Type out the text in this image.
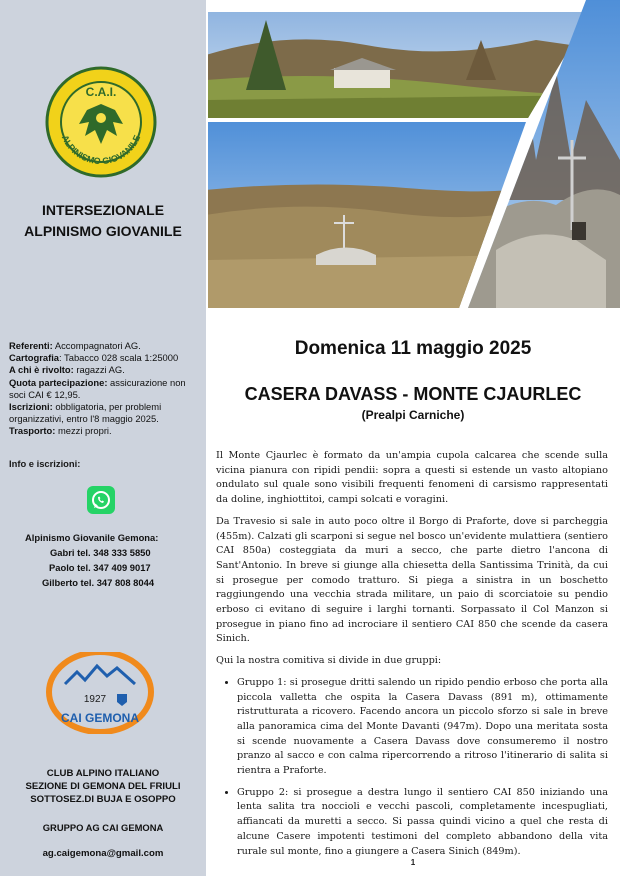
ALPINISMO GIOVANILE
C.A.I.
INTERSEZIONALE
ALPINISMO GIOVANILE

Referenti: Accompagnatori AG.

Cartografia: Tabacco 028 scala 1:25000

A chi è rivolto: ragazzi AG.

Quota partecipazione: assicurazione non soci CAI € 12,95.

Iscrizioni: obbligatoria, per problemi organizzativi, entro l'8 maggio 2025.

Trasporto: mezzi propri.

Info e iscrizioni:
Alpinismo Giovanile Gemona:
Gabri tel. 348 333 5850
Paolo tel. 347 409 9017
Gilberto tel. 347 808 8044
1927
CAI GEMONA
CLUB ALPINO ITALIANO
SEZIONE DI GEMONA DEL FRIULI
SOTTOSEZ.DI BUJA E OSOPPO
GRUPPO AG CAI GEMONA
ag.caigemona@gmail.com
Domenica 11 maggio 2025
CASERA DAVASS - MONTE CJAURLEC
(Prealpi Carniche)

Il Monte Cjaurlec è formato da un'ampia cupola calcarea che scende sulla vicina pianura con ripidi pendii: sopra a questi si estende un vasto altopiano ondulato sul quale sono visibili frequenti fenomeni di carsismo rappresentati da doline, inghiottitoi, campi solcati e voragini.

Da Travesio si sale in auto poco oltre il Borgo di Praforte, dove si parcheggia (455m). Calzati gli scarponi si segue nel bosco un'evidente mulattiera (sentiero CAI 850a) costeggiata da muri a secco, che parte dietro l'ancona di Sant'Antonio. In breve si giunge alla chiesetta della Santissima Trinità, da cui si prosegue per comodo tratturo. Si piega a sinistra in un boschetto raggiungendo una vecchia strada militare, un paio di scorciatoie su pendio erboso ci evitano di seguire i larghi tornanti. Sorpassato il Col Manzon si prosegue in piano fino ad incrociare il sentiero CAI 850 che scende da casera Sinich.

Qui la nostra comitiva si divide in due gruppi:

• Gruppo 1: si prosegue dritti salendo un ripido pendio erboso che porta alla piccola valletta che ospita la Casera Davass (891 m), ottimamente ristrutturata a ricovero. Facendo ancora un piccolo sforzo si sale in breve alla panoramica cima del Monte Davanti (947m). Dopo una meritata sosta si scende nuovamente a Casera Davass dove consumeremo il nostro pranzo al sacco e con calma ripercorrendo a ritroso l'itinerario di salita si rientra a Praforte.
• Gruppo 2: si prosegue a destra lungo il sentiero CAI 850 iniziando una lenta salita tra noccioli e vecchi pascoli, completamente incespugliati, affiancati da muretti a secco. Si passa quindi vicino a quel che resta di alcune Casere impotenti testimoni del completo abbandono della vita rurale sul monte, fino a giungere a Casera Sinich (849m).
1
